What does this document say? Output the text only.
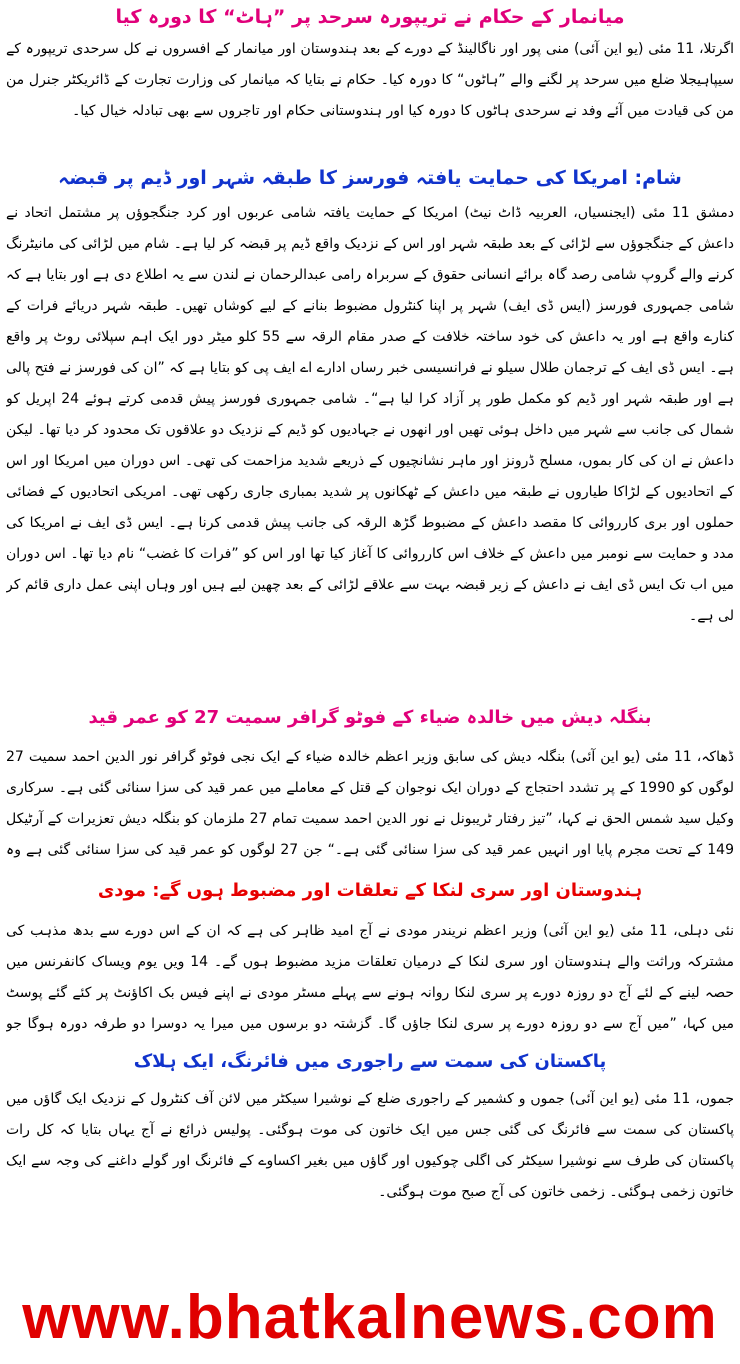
میانمار کے حکام نے تریپورہ سرحد پر ”ہاٹ“ کا دورہ کیا

اگرتلا، 11 مئی (یو این آئی) منی پور اور ناگالینڈ کے دورے کے بعد ہندوستان اور میانمار کے افسروں نے کل سرحدی تریپورہ کے سیپاہیجلا ضلع میں سرحد پر لگنے والے ”ہاٹوں“ کا دورہ کیا۔ حکام نے بتایا کہ میانمار کی وزارت تجارت کے ڈائریکٹر جنرل من من کی قیادت میں آئے وفد نے سرحدی ہاٹوں کا دورہ کیا اور ہندوستانی حکام اور تاجروں سے بھی تبادلہ خیال کیا۔

شام: امریکا کی حمایت یافتہ فورسز کا طبقہ شہر اور ڈیم پر قبضہ

دمشق 11 مئی (ایجنسیاں، العربیہ ڈاٹ نیٹ) امریکا کے حمایت یافتہ شامی عربوں اور کرد جنگجوؤں پر مشتمل اتحاد نے داعش کے جنگجوؤں سے لڑائی کے بعد طبقہ شہر اور اس کے نزدیک واقع ڈیم پر قبضہ کر لیا ہے۔ شام میں لڑائی کی مانیٹرنگ کرنے والے گروپ شامی رصد گاہ برائے انسانی حقوق کے سربراہ رامی عبدالرحمان نے لندن سے یہ اطلاع دی ہے اور بتایا ہے کہ شامی جمہوری فورسز (ایس ڈی ایف) شہر پر اپنا کنٹرول مضبوط بنانے کے لیے کوشاں تھیں۔ طبقہ شہر دریائے فرات کے کنارے واقع ہے اور یہ داعش کی خود ساختہ خلافت کے صدر مقام الرقہ سے 55 کلو میٹر دور ایک اہم سپلائی روٹ پر واقع ہے۔ ایس ڈی ایف کے ترجمان طلال سیلو نے فرانسیسی خبر رساں ادارے اے ایف پی کو بتایا ہے کہ ”ان کی فورسز نے فتح پالی ہے اور طبقہ شہر اور ڈیم کو مکمل طور پر آزاد کرا لیا ہے“۔ شامی جمہوری فورسز پیش قدمی کرتے ہوئے 24 اپریل کو شمال کی جانب سے شہر میں داخل ہوئی تھیں اور انھوں نے جہادیوں کو ڈیم کے نزدیک دو علاقوں تک محدود کر دیا تھا۔ لیکن داعش نے ان کی کار بموں، مسلح ڈرونز اور ماہر نشانچیوں کے ذریعے شدید مزاحمت کی تھی۔ اس دوران میں امریکا اور اس کے اتحادیوں کے لڑاکا طیاروں نے طبقہ میں داعش کے ٹھکانوں پر شدید بمباری جاری رکھی تھی۔ امریکی اتحادیوں کے فضائی حملوں اور بری کارروائی کا مقصد داعش کے مضبوط گڑھ الرقہ کی جانب پیش قدمی کرنا ہے۔ ایس ڈی ایف نے امریکا کی مدد و حمایت سے نومبر میں داعش کے خلاف اس کارروائی کا آغاز کیا تھا اور اس کو ”فرات کا غضب“ نام دیا تھا۔ اس دوران میں اب تک ایس ڈی ایف نے داعش کے زیر قبضہ بہت سے علاقے لڑائی کے بعد چھین لیے ہیں اور وہاں اپنی عمل داری قائم کر لی ہے۔

بنگلہ دیش میں خالدہ ضیاء کے فوٹو گرافر سمیت 27 کو عمر قید

ڈھاکہ، 11 مئی (یو این آئی) بنگلہ دیش کی سابق وزیر اعظم خالدہ ضیاء کے ایک نجی فوٹو گرافر نور الدین احمد سمیت 27 لوگوں کو 1990 کے پر تشدد احتجاج کے دوران ایک نوجوان کے قتل کے معاملے میں عمر قید کی سزا سنائی گئی ہے۔ سرکاری وکیل سید شمس الحق نے کہا، ”تیز رفتار ٹریبونل نے نور الدین احمد سمیت تمام 27 ملزمان کو بنگلہ دیش تعزیرات کے آرٹیکل 149 کے تحت مجرم پایا اور انہیں عمر قید کی سزا سنائی گئی ہے۔“ جن 27 لوگوں کو عمر قید کی سزا سنائی گئی ہے وہ

ہندوستان اور سری لنکا کے تعلقات اور مضبوط ہوں گے: مودی

نئی دہلی، 11 مئی (یو این آئی) وزیر اعظم نریندر مودی نے آج امید ظاہر کی ہے کہ ان کے اس دورے سے بدھ مذہب کی مشترکہ وراثت والے ہندوستان اور سری لنکا کے درمیان تعلقات مزید مضبوط ہوں گے۔ 14 ویں یوم ویساک کانفرنس میں حصہ لینے کے لئے آج دو روزہ دورے پر سری لنکا روانہ ہونے سے پہلے مسٹر مودی نے اپنے فیس بک اکاؤنٹ پر کئے گئے پوسٹ میں کہا، ”میں آج سے دو روزہ دورے پر سری لنکا جاؤں گا۔ گزشتہ دو برسوں میں میرا یہ دوسرا دو طرفہ دورہ ہوگا جو

پاکستان کی سمت سے راجوری میں فائرنگ، ایک ہلاک

جموں، 11 مئی (یو این آئی) جموں و کشمیر کے راجوری ضلع کے نوشیرا سیکٹر میں لائن آف کنٹرول کے نزدیک ایک گاؤں میں پاکستان کی سمت سے فائرنگ کی گئی جس میں ایک خاتون کی موت ہوگئی۔ پولیس ذرائع نے آج یہاں بتایا کہ کل رات پاکستان کی طرف سے نوشیرا سیکٹر کی اگلی چوکیوں اور گاؤں میں بغیر اکساوے کے فائرنگ اور گولے داغنے کی وجہ سے ایک خاتون زخمی ہوگئی۔ زخمی خاتون کی آج صبح موت ہوگئی۔

www.bhatkalnews.com
